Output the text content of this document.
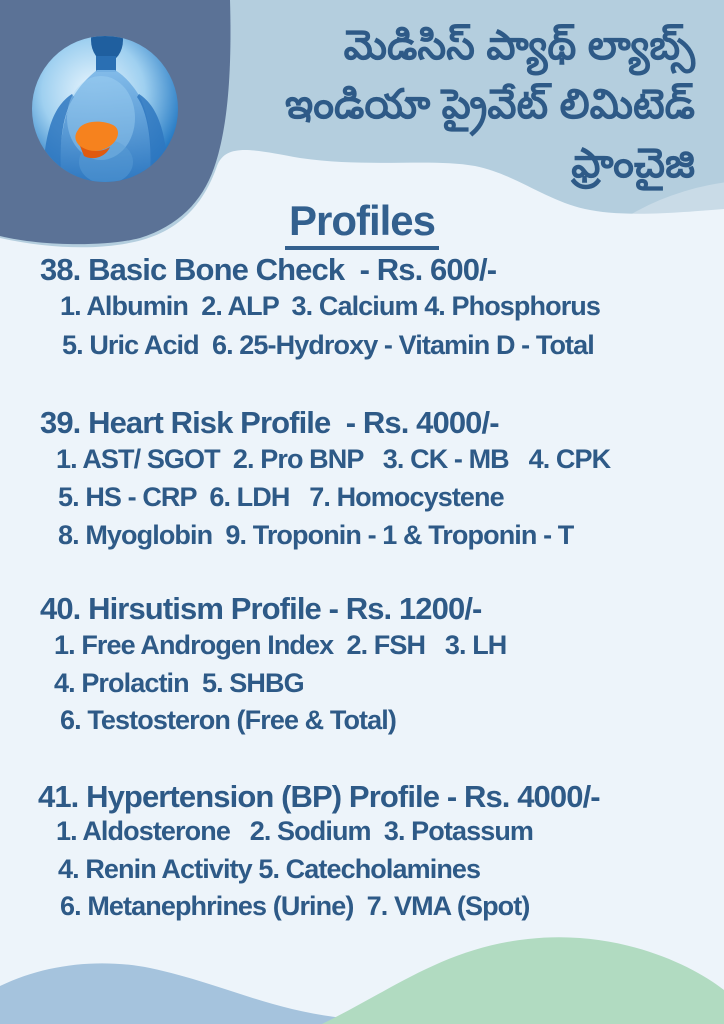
మెడిసిస్ ప్యాథ్ ల్యాబ్స్
ఇండియా ప్రైవేట్ లిమిటెడ్
ఫ్రాంచైజి
Profiles
38. Basic Bone Check  - Rs. 600/-
1. Albumin  2. ALP  3. Calcium 4. Phosphorus
5. Uric Acid  6. 25-Hydroxy - Vitamin D - Total
39. Heart Risk Profile  - Rs. 4000/-
1. AST/ SGOT  2. Pro BNP   3. CK - MB   4. CPK
5. HS - CRP  6. LDH   7. Homocystene
8. Myoglobin  9. Troponin - 1 & Troponin - T
40. Hirsutism Profile - Rs. 1200/-
1. Free Androgen Index  2. FSH   3. LH
4. Prolactin  5. SHBG
6. Testosteron (Free & Total)
41. Hypertension (BP) Profile - Rs. 4000/-
1. Aldosterone   2. Sodium  3. Potassum
4. Renin Activity 5. Catecholamines
6. Metanephrines (Urine)  7. VMA (Spot)
